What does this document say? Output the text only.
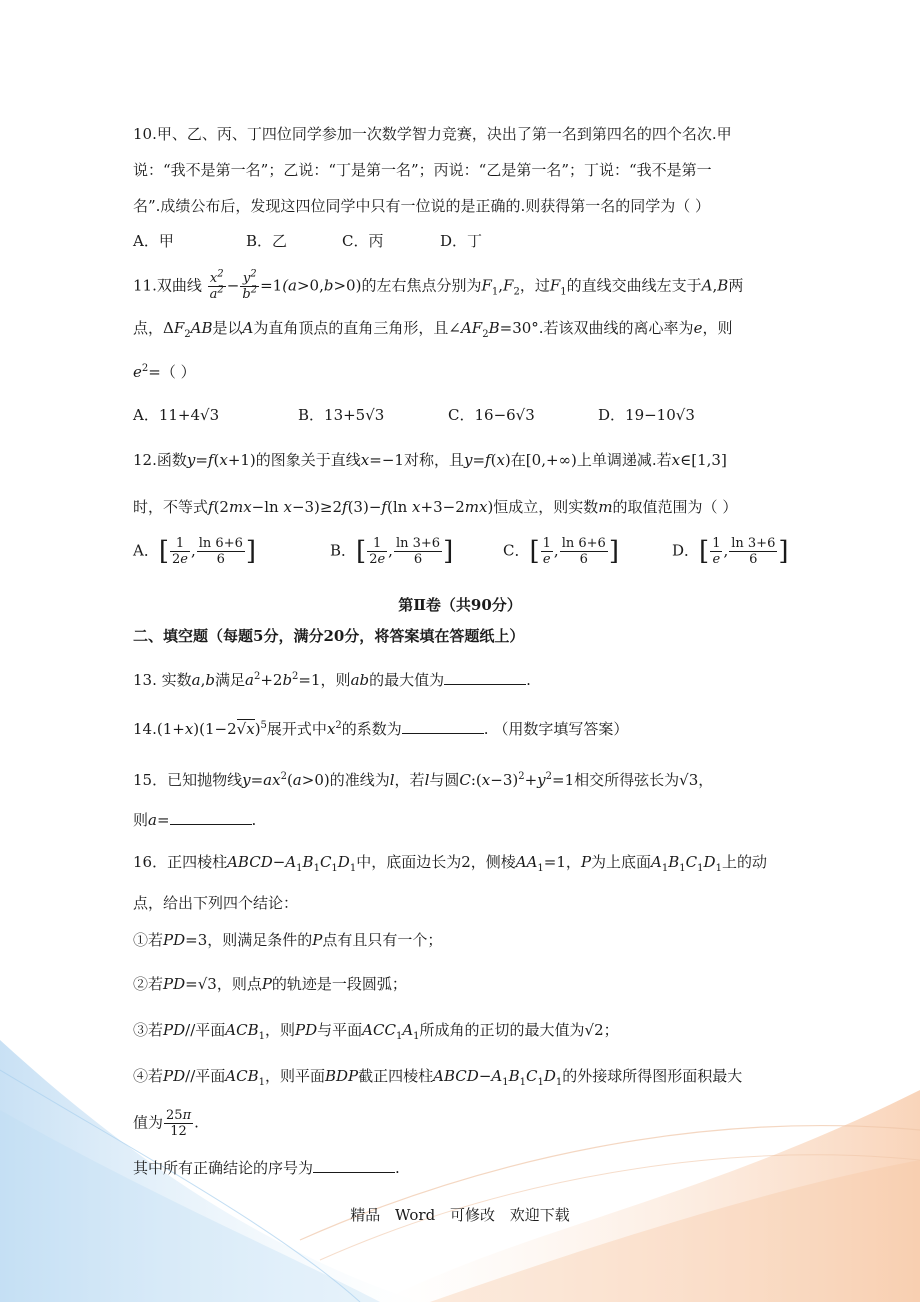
10.甲、乙、丙、丁四位同学参加一次数学智力竞赛，决出了第一名到第四名的四个名次.甲
说：“我不是第一名”；乙说：“丁是第一名”；丙说：“乙是第一名”；丁说：“我不是第一
名”.成绩公布后，发现这四位同学中只有一位说的是正确的.则获得第一名的同学为（ ）
A．甲	B．乙	C．丙	D．丁
11.双曲线 $\frac{x^2}{a^2} - \frac{y^2}{b^2} =1(a>0,b>0)$的左右焦点分别为$F_1,F_2$，过$F_1$的直线交曲线左支于A,B两
点，$\Delta F_2AB$是以A为直角顶点的直角三角形，且$\angle AF_2B=30^\circ$.若该双曲线的离心率为e，则
$e^2=$（ ）
A．11+4√3	B．13+5√3	C．16−6√3	D．19−10√3
12.函数y=f(x+1)的图象关于直线x=−1对称，且y=f(x)在[0,+∞)上单调递减.若x∈[1,3]
时，不等式f(2mx−ln x−3)≥2f(3)−f(ln x+3−2mx)恒成立，则实数m的取值范围为（ ）
A．[ $\frac{1}{2e}$ , $\frac{\ln 6+6}{6}$ ]	B．[ $\frac{1}{2e}$ , $\frac{\ln 3+6}{6}$ ]	C．[ $\frac{1}{e}$ , $\frac{\ln 6+6}{6}$ ]	D．[ $\frac{1}{e}$ , $\frac{\ln 3+6}{6}$ ]
第Ⅱ卷（共90分）
二、填空题（每题5分，满分20分，将答案填在答题纸上）
13. 实数a,b满足$a^2+2b^2=1$，则ab的最大值为	.
$14.(1+x)(1-2√x)^5$展开式中$x^2$的系数为	. （用数字填写答案）
15．已知抛物线$y=ax^2(a>0)$的准线为l，若l与圆$C:(x-3)^2+y^2=1$相交所得弦长为√3，
则a=	.
16．正四棱柱$ABCD-A_1B_1C_1D_1$中，底面边长为2，侧棱$AA_1=1$，P为上底面$A_1B_1C_1D_1$上的动
点，给出下列四个结论：
①若PD=3，则满足条件的P点有且只有一个；
②若PD=√3，则点P的轨迹是一段圆弧；
③若PD//平面$ACB_1$，则PD与平面$ACC_1A_1$所成角的正切的最大值为√2；
④若PD//平面$ACB_1$，则平面BDP截正四棱柱$ABCD-A_1B_1C_1D_1$的外接球所得图形面积最大
值为 $\frac{25\pi}{12}$ .
其中所有正确结论的序号为	.
精品 Word 可修改 欢迎下载
